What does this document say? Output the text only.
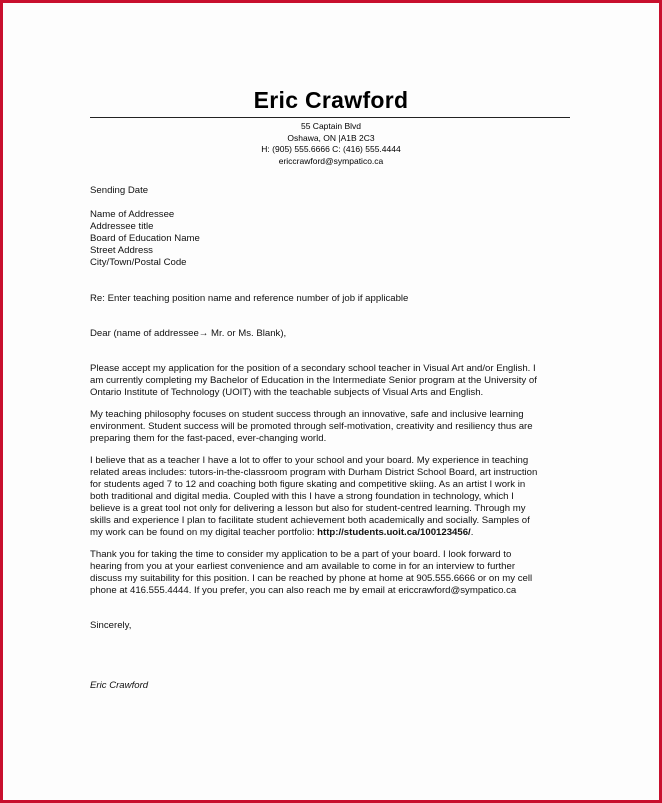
Eric Crawford
55 Captain Blvd
Oshawa, ON |A1B 2C3
H: (905) 555.6666 C: (416) 555.4444
ericcrawford@sympatico.ca
Sending Date
Name of Addressee
Addressee title
Board of Education Name
Street Address
City/Town/Postal Code
Re: Enter teaching position name and reference number of job if applicable
Dear (name of addressee→ Mr. or Ms. Blank),
Please accept my application for the position of a secondary school teacher in Visual Art and/or English. I
am currently completing my Bachelor of Education in the Intermediate Senior program at the University of
Ontario Institute of Technology (UOIT) with the teachable subjects of Visual Arts and English.
My teaching philosophy focuses on student success through an innovative, safe and inclusive learning
environment. Student success will be promoted through self-motivation, creativity and resiliency thus are
preparing them for the fast-paced, ever-changing world.
I believe that as a teacher I have a lot to offer to your school and your board. My experience in teaching
related areas includes: tutors-in-the-classroom program with Durham District School Board, art instruction
for students aged 7 to 12 and coaching both figure skating and competitive skiing. As an artist I work in
both traditional and digital media. Coupled with this I have a strong foundation in technology, which I
believe is a great tool not only for delivering a lesson but also for student-centred learning. Through my
skills and experience I plan to facilitate student achievement both academically and socially. Samples of
my work can be found on my digital teacher portfolio: http://students.uoit.ca/100123456/.
Thank you for taking the time to consider my application to be a part of your board. I look forward to
hearing from you at your earliest convenience and am available to come in for an interview to further
discuss my suitability for this position. I can be reached by phone at home at 905.555.6666 or on my cell
phone at 416.555.4444. If you prefer, you can also reach me by email at ericcrawford@sympatico.ca
Sincerely,
Eric Crawford
